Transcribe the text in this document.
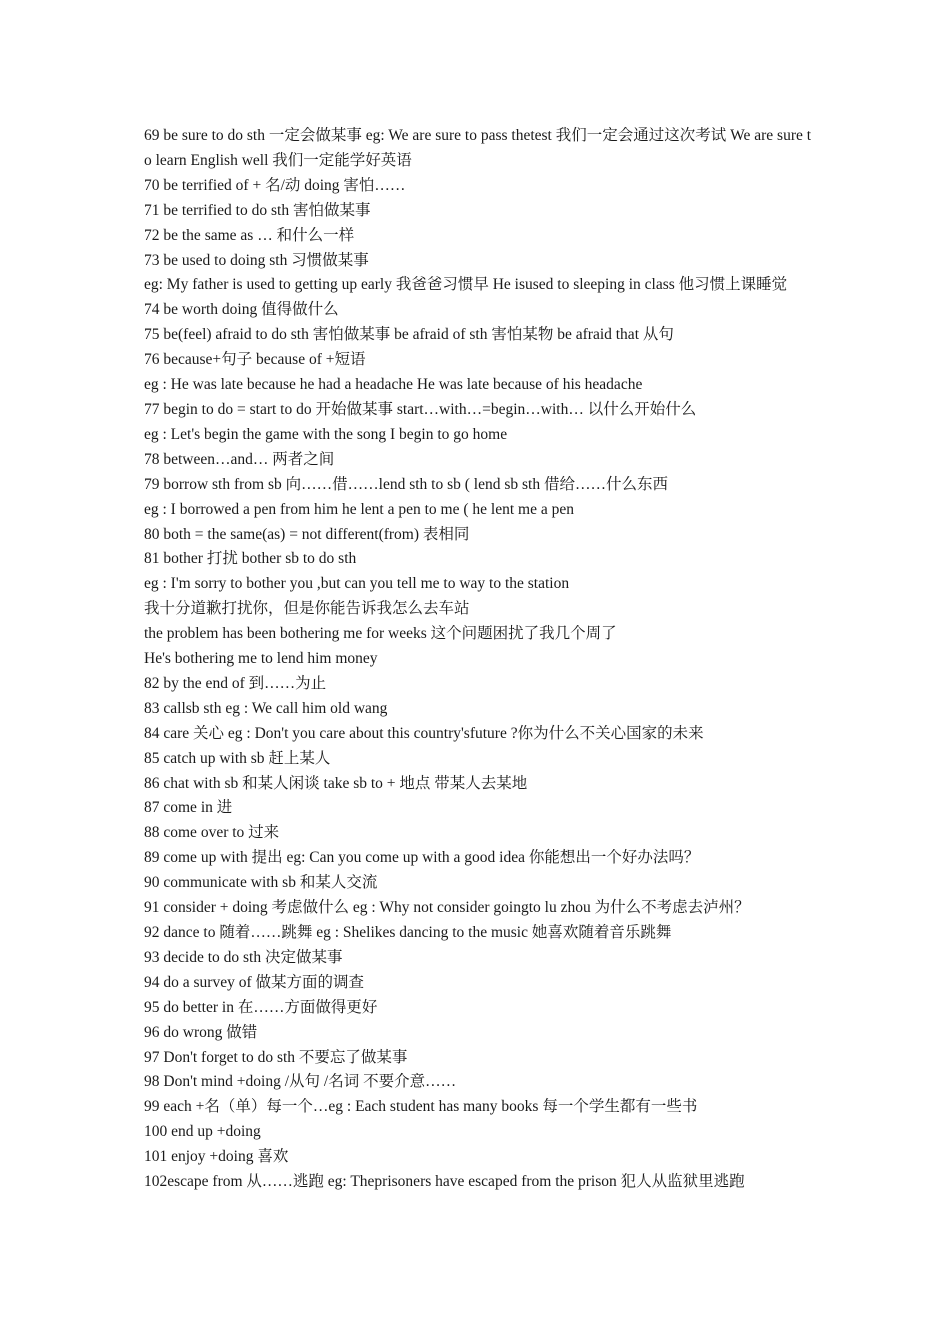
69 be sure to do sth 一定会做某事 eg: We are sure to pass thetest 我们一定会通过这次考试 We are sure to learn English well 我们一定能学好英语
70 be terrified of + 名/动 doing 害怕……
71 be terrified to do sth 害怕做某事
72 be the same as … 和什么一样
73 be used to doing sth 习惯做某事
eg: My father is used to getting up early 我爸爸习惯早 He isused to sleeping in class 他习惯上课睡觉
74 be worth doing 值得做什么
75 be(feel) afraid to do sth 害怕做某事 be afraid of sth 害怕某物 be afraid that 从句
76 because+句子 because of +短语
eg : He was late because he had a headache He was late because of his headache
77 begin to do = start to do 开始做某事 start…with…=begin…with… 以什么开始什么
eg : Let's begin the game with the song I begin to go home
78 between…and… 两者之间
79 borrow sth from sb 向……借……lend sth to sb ( lend sb sth 借给……什么东西
eg : I borrowed a pen from him he lent a pen to me ( he lent me a pen
80 both = the same(as) = not different(from) 表相同
81 bother 打扰 bother sb to do sth
eg : I'm sorry to bother you ,but can you tell me to way to the station
我十分道歉打扰你，但是你能告诉我怎么去车站
the problem has been bothering me for weeks 这个问题困扰了我几个周了
He's bothering me to lend him money
82 by the end of 到……为止
83 callsb sth eg : We call him old wang
84 care 关心 eg : Don't you care about this country'sfuture ?你为什么不关心国家的未来
85 catch up with sb 赶上某人
86 chat with sb 和某人闲谈 take sb to + 地点 带某人去某地
87 come in 进
88 come over to 过来
89 come up with 提出 eg: Can you come up with a good idea 你能想出一个好办法吗？
90 communicate with sb 和某人交流
91 consider + doing 考虑做什么 eg : Why not consider goingto lu zhou 为什么不考虑去泸州？
92 dance to 随着……跳舞 eg : Shelikes dancing to the music 她喜欢随着音乐跳舞
93 decide to do sth 决定做某事
94 do a survey of 做某方面的调查
95 do better in 在……方面做得更好
96 do wrong 做错
97 Don't forget to do sth 不要忘了做某事
98 Don't mind +doing /从句 /名词 不要介意……
99 each +名（单）每一个…eg : Each student has many books 每一个学生都有一些书
100 end up +doing
101 enjoy +doing 喜欢
102escape from 从……逃跑 eg: Theprisoners have escaped from the prison 犯人从监狱里逃跑
